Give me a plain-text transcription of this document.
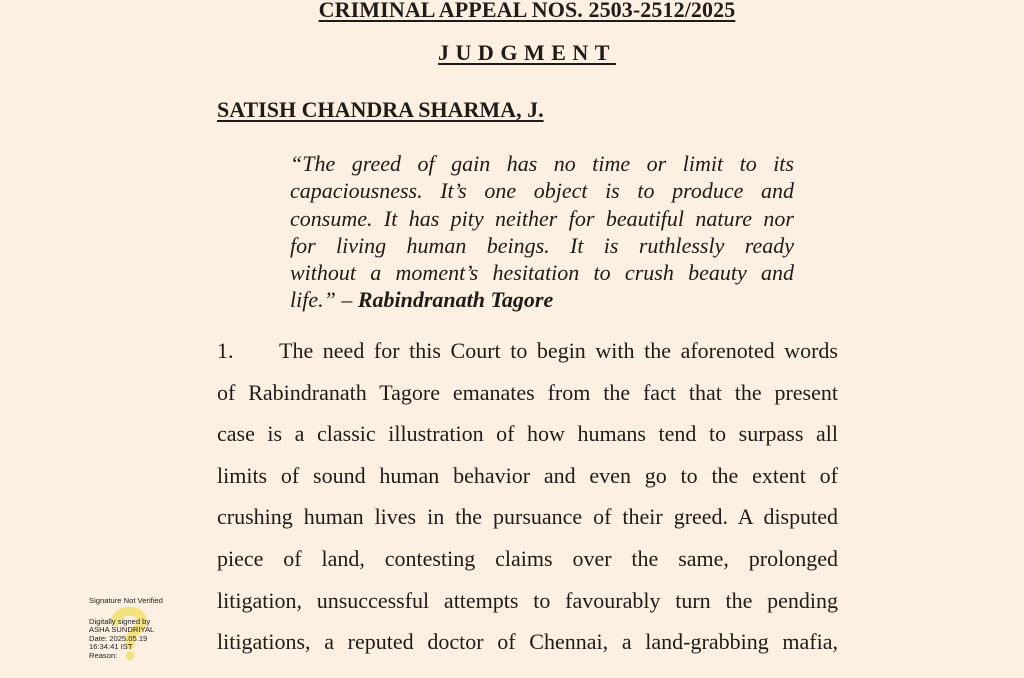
CRIMINAL APPEAL NOS. 2503-2512/2025
JUDGMENT
SATISH CHANDRA SHARMA, J.
“The greed of gain has no time or limit to its
capaciousness. It’s one object is to produce and
consume. It has pity neither for beautiful nature nor
for living human beings. It is ruthlessly ready
without a moment’s hesitation to crush beauty and
life.” – Rabindranath Tagore
1. The need for this Court to begin with the aforenoted words
of Rabindranath Tagore emanates from the fact that the present
case is a classic illustration of how humans tend to surpass all
limits of sound human behavior and even go to the extent of
crushing human lives in the pursuance of their greed. A disputed
piece of land, contesting claims over the same, prolonged
litigation, unsuccessful attempts to favourably turn the pending
litigations, a reputed doctor of Chennai, a land-grabbing mafia,
Signature Not Verified
Digitally signed by
ASHA SUNDRIYAL
Date: 2025.05.19
16:34:41 IST
Reason:
